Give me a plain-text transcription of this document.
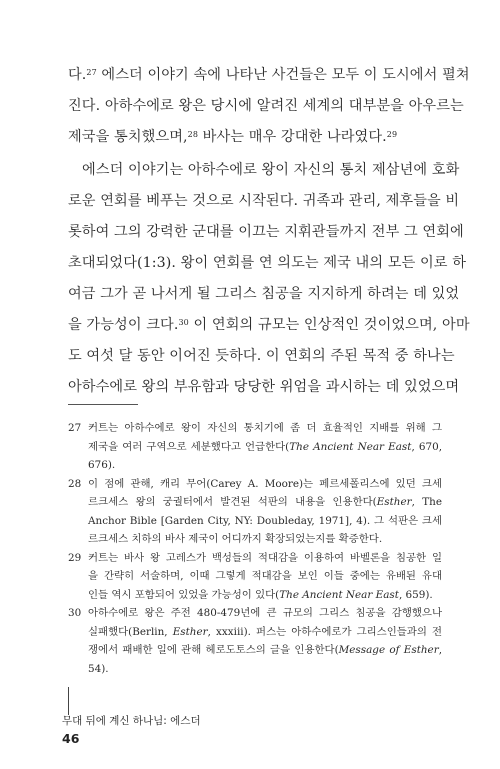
다.$^{27}$ 에스더 이야기 속에 나타난 사건들은 모두 이 도시에서 펼쳐
진다. 아하수에로 왕은 당시에 알려진 세계의 대부분을 아우르는
제국을 통치했으며,$^{28}$ 바사는 매우 강대한 나라였다.$^{29}$
에스더 이야기는 아하수에로 왕이 자신의 통치 제삼년에 호화
로운 연회를 베푸는 것으로 시작된다. 귀족과 관리, 제후들을 비
롯하여 그의 강력한 군대를 이끄는 지휘관들까지 전부 그 연회에
초대되었다(1:3). 왕이 연회를 연 의도는 제국 내의 모든 이로 하
여금 그가 곧 나서게 될 그리스 침공을 지지하게 하려는 데 있었
을 가능성이 크다.$^{30}$ 이 연회의 규모는 인상적인 것이었으며, 아마
도 여섯 달 동안 이어진 듯하다. 이 연회의 주된 목적 중 하나는
아하수에로 왕의 부유함과 당당한 위엄을 과시하는 데 있었으며
27 커트는 아하수에로 왕이 자신의 통치기에 좀 더 효율적인 지배를 위해 그
제국을 여러 구역으로 세분했다고 언급한다(The Ancient Near East, 670,
676).
28 이 점에 관해, 캐리 무어(Carey A. Moore)는 페르세폴리스에 있던 크세
르크세스 왕의 궁궐터에서 발견된 석판의 내용을 인용한다(Esther, The
Anchor Bible [Garden City, NY: Doubleday, 1971], 4). 그 석판은 크세
르크세스 치하의 바사 제국이 어디까지 확장되었는지를 확증한다.
29 커트는 바사 왕 고레스가 백성들의 적대감을 이용하여 바벨론을 침공한 일
을 간략히 서술하며, 이때 그렇게 적대감을 보인 이들 중에는 유배된 유대
인들 역시 포함되어 있었을 가능성이 있다(The Ancient Near East, 659).
30 아하수에로 왕은 주전 480-479년에 큰 규모의 그리스 침공을 감행했으나
실패했다(Berlin, Esther, xxxiii). 퍼스는 아하수에로가 그리스인들과의 전
쟁에서 패배한 일에 관해 헤로도토스의 글을 인용한다(Message of Esther,
54).
무대 뒤에 계신 하나님: 에스더
46
